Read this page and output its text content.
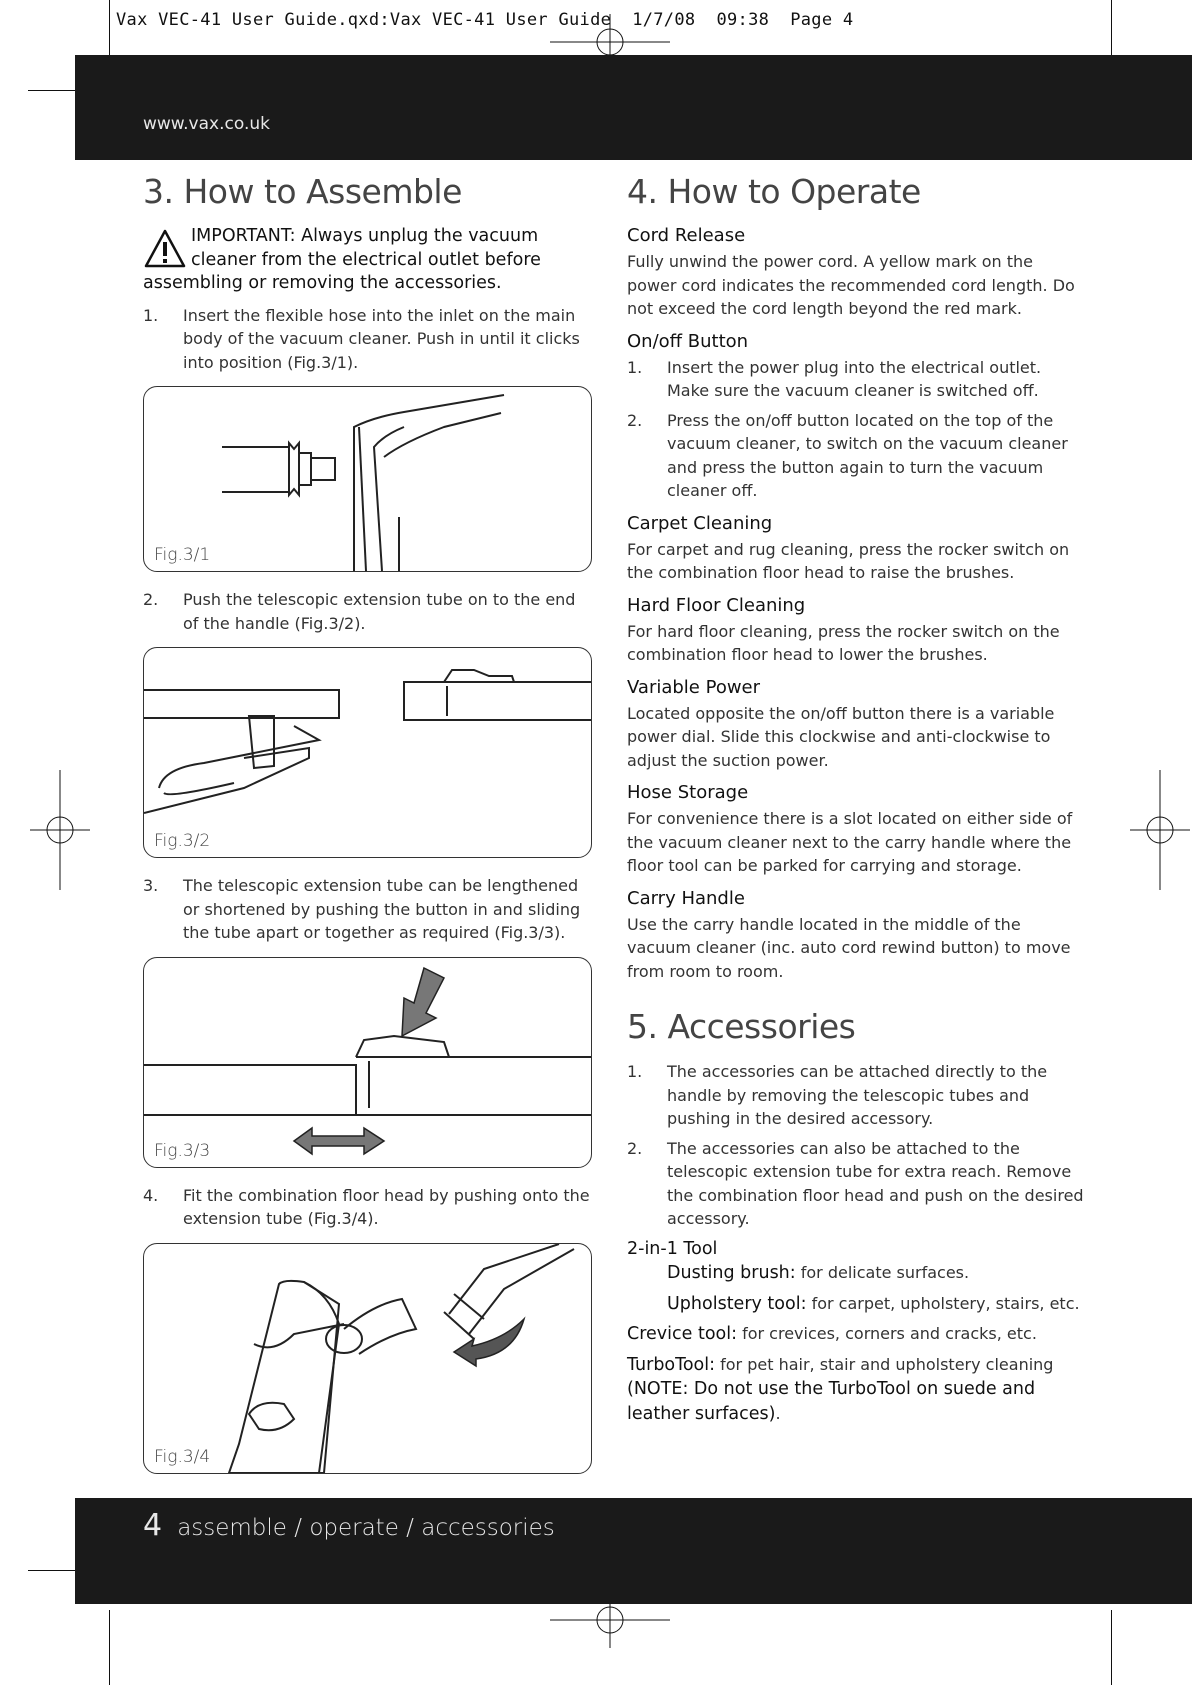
Vax VEC-41 User Guide.qxd:Vax VEC-41 User Guide  1/7/08  09:38  Page 4
www.vax.co.uk
4 assemble / operate / accessories
3. How to Assemble
IMPORTANT: Always unplug the vacuum cleaner from the electrical outlet before assembling or removing the accessories.
1. Insert the flexible hose into the inlet on the main body of the vacuum cleaner. Push in until it clicks into position (Fig.3/1).
Fig.3/1
2. Push the telescopic extension tube on to the end of the handle (Fig.3/2).
Fig.3/2
3. The telescopic extension tube can be lengthened or shortened by pushing the button in and sliding the tube apart or together as required (Fig.3/3).
Fig.3/3
4. Fit the combination floor head by pushing onto the extension tube (Fig.3/4).
Fig.3/4
4. How to Operate
Cord Release

Fully unwind the power cord. A yellow mark on the power cord indicates the recommended cord length. Do not exceed the cord length beyond the red mark.

On/off Button
1. Insert the power plug into the electrical outlet. Make sure the vacuum cleaner is switched off.
2. Press the on/off button located on the top of the vacuum cleaner, to switch on the vacuum cleaner and press the button again to turn the vacuum cleaner off.
Carpet Cleaning

For carpet and rug cleaning, press the rocker switch on the combination floor head to raise the brushes.

Hard Floor Cleaning

For hard floor cleaning, press the rocker switch on the combination floor head to lower the brushes.

Variable Power

Located opposite the on/off button there is a variable power dial. Slide this clockwise and anti-clockwise to adjust the suction power.

Hose Storage

For convenience there is a slot located on either side of the vacuum cleaner next to the carry handle where the floor tool can be parked for carrying and storage.

Carry Handle

Use the carry handle located in the middle of the vacuum cleaner (inc. auto cord rewind button) to move from room to room.

5. Accessories
1. The accessories can be attached directly to the handle by removing the telescopic tubes and pushing in the desired accessory.
2. The accessories can also be attached to the telescopic extension tube for extra reach. Remove the combination floor head and push on the desired accessory.
2-in-1 Tool
Dusting brush: for delicate surfaces.
Upholstery tool: for carpet, upholstery, stairs, etc.
Crevice tool: for crevices, corners and cracks, etc.
TurboTool: for pet hair, stair and upholstery cleaning (NOTE: Do not use the TurboTool on suede and leather surfaces).
